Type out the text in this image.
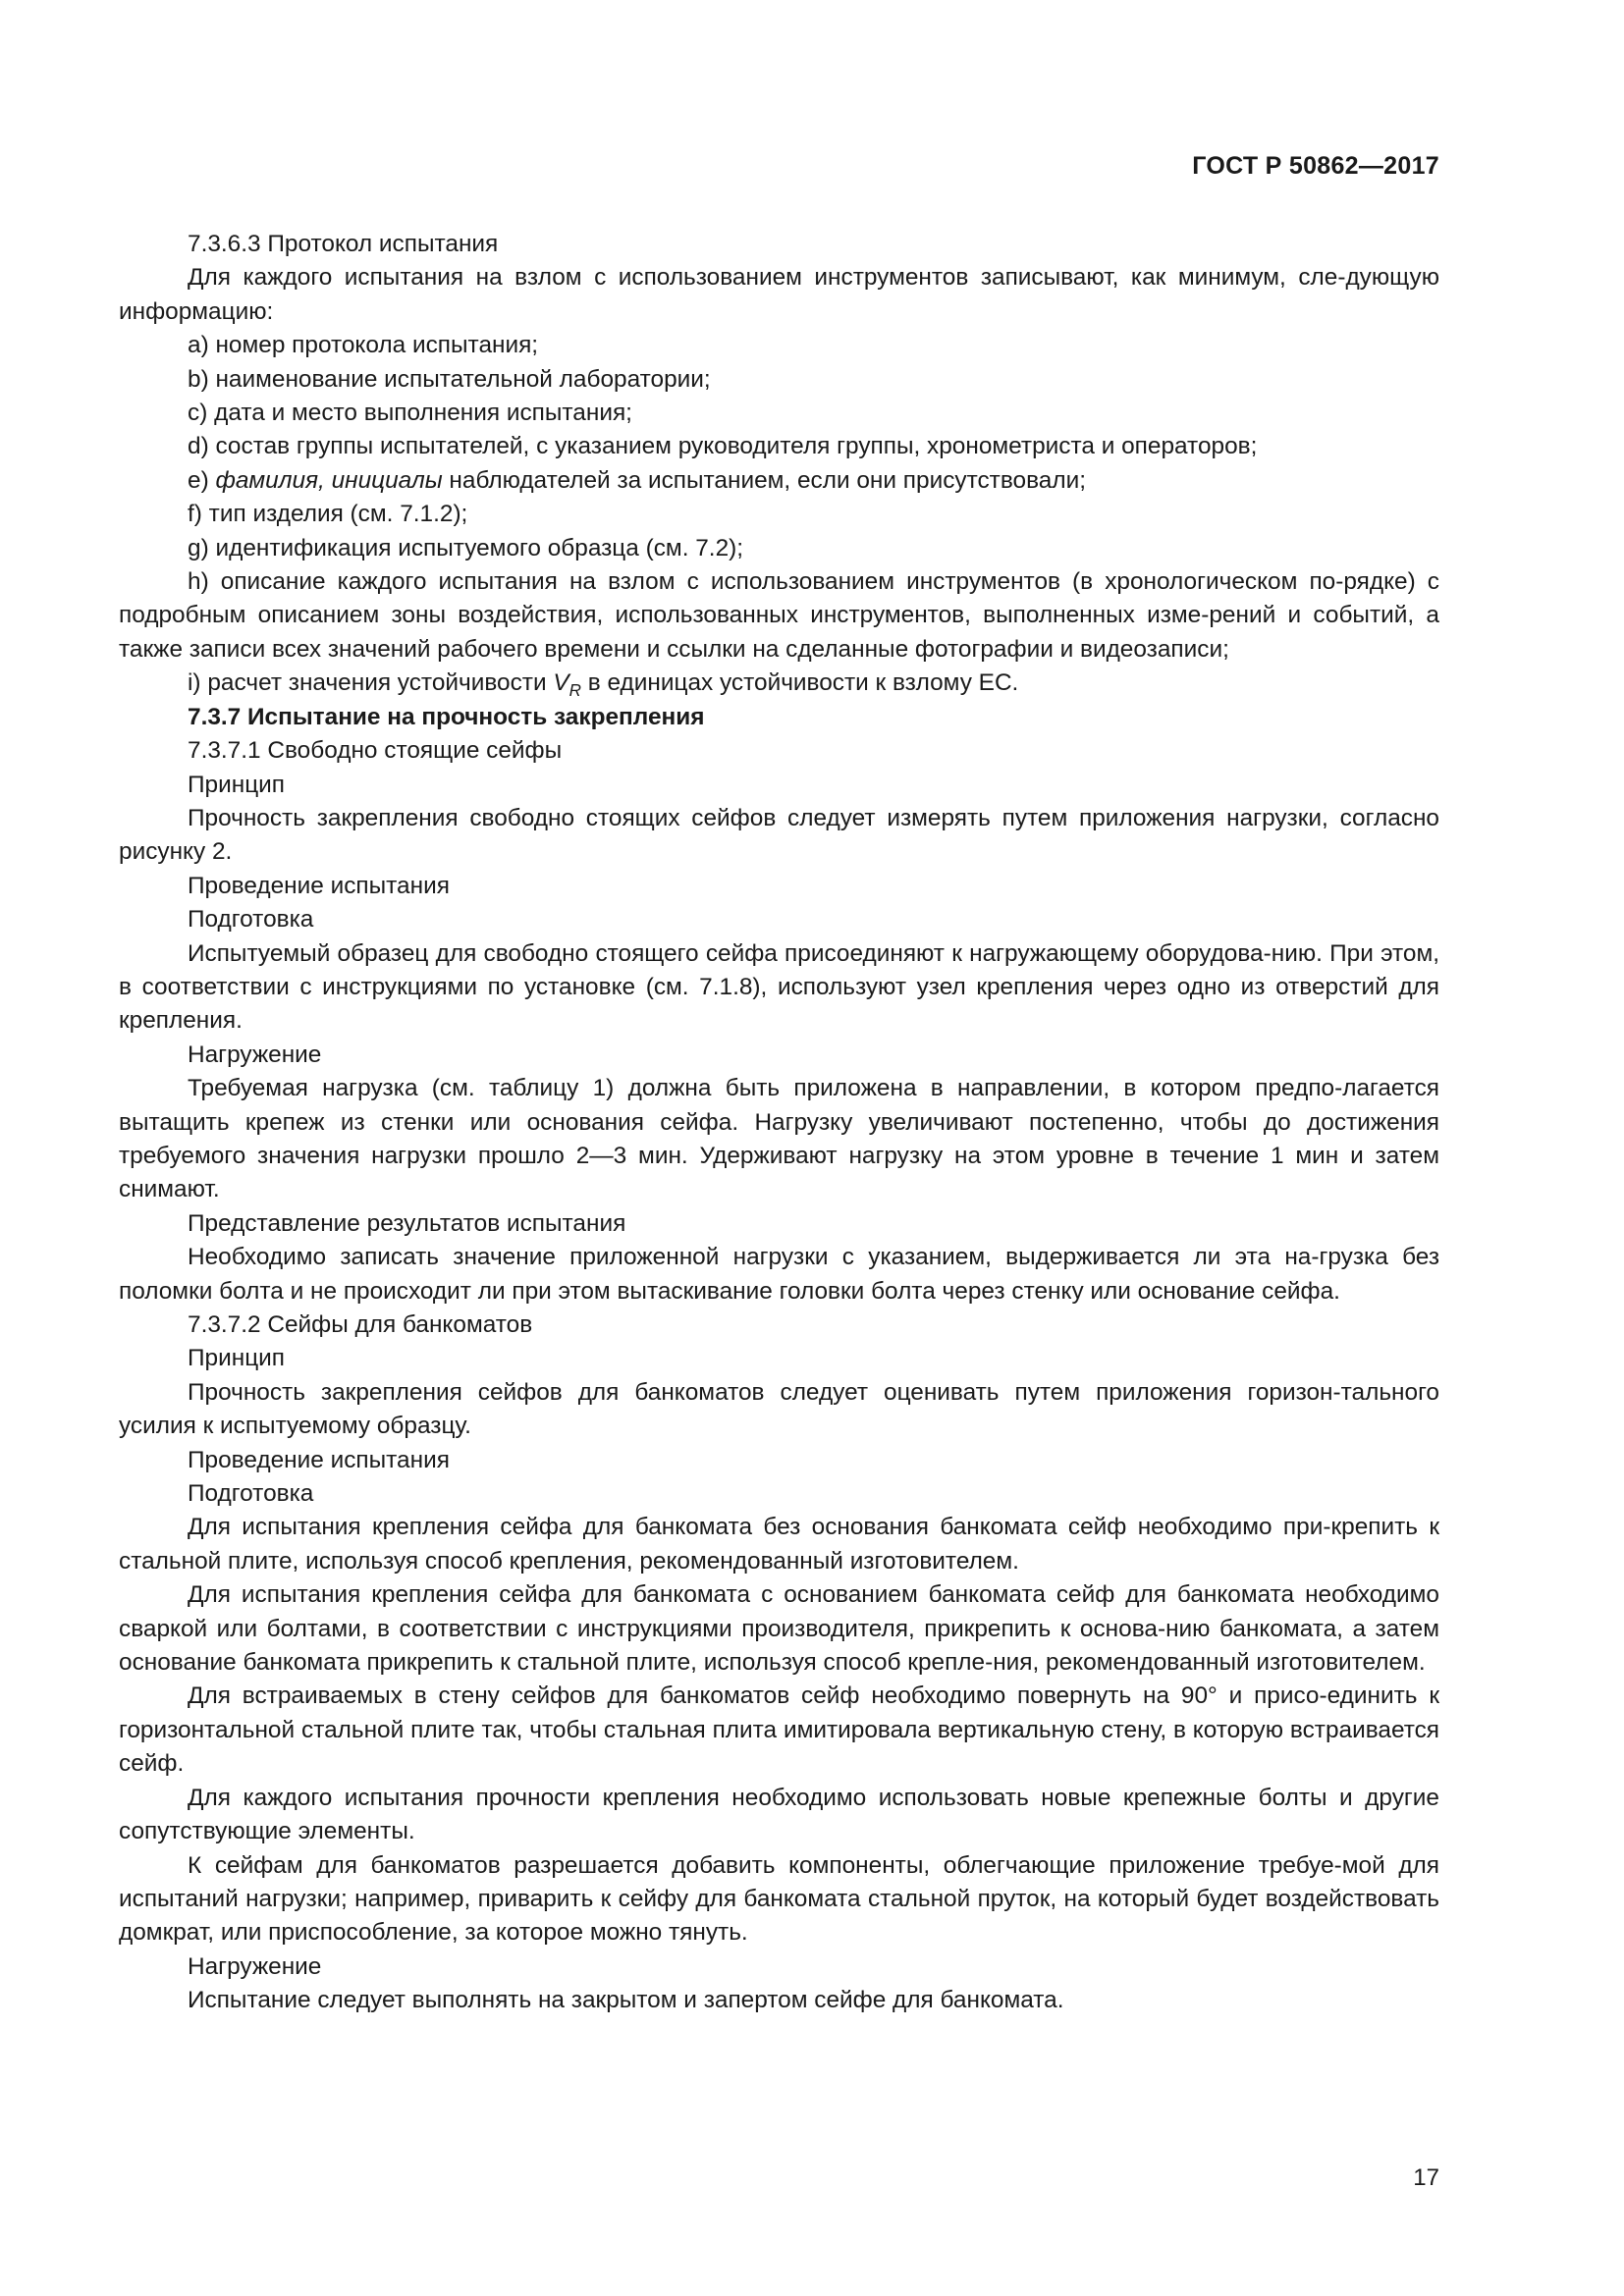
ГОСТ Р 50862—2017

7.3.6.3 Протокол испытания

Для каждого испытания на взлом с использованием инструментов записывают, как минимум, сле-дующую информацию:

a) номер протокола испытания;

b) наименование испытательной лаборатории;

c) дата и место выполнения испытания;

d) состав группы испытателей, с указанием руководителя группы, хронометриста и операторов;

e) фамилия, инициалы наблюдателей за испытанием, если они присутствовали;

f) тип изделия (см. 7.1.2);

g) идентификация испытуемого образца (см. 7.2);

h) описание каждого испытания на взлом с использованием инструментов (в хронологическом по-рядке) с подробным описанием зоны воздействия, использованных инструментов, выполненных изме-рений и событий, а также записи всех значений рабочего времени и ссылки на сделанные фотографии и видеозаписи;

i) расчет значения устойчивости $V_R$ в единицах устойчивости к взлому ЕС.

7.3.7 Испытание на прочность закрепления

7.3.7.1 Свободно стоящие сейфы

Принцип

Прочность закрепления свободно стоящих сейфов следует измерять путем приложения нагрузки, согласно рисунку 2.

Проведение испытания

Подготовка

Испытуемый образец для свободно стоящего сейфа присоединяют к нагружающему оборудова-нию. При этом, в соответствии с инструкциями по установке (см. 7.1.8), используют узел крепления через одно из отверстий для крепления.

Нагружение

Требуемая нагрузка (см. таблицу 1) должна быть приложена в направлении, в котором предпо-лагается вытащить крепеж из стенки или основания сейфа. Нагрузку увеличивают постепенно, чтобы до достижения требуемого значения нагрузки прошло 2—3 мин. Удерживают нагрузку на этом уровне в течение 1 мин и затем снимают.

Представление результатов испытания

Необходимо записать значение приложенной нагрузки с указанием, выдерживается ли эта на-грузка без поломки болта и не происходит ли при этом вытаскивание головки болта через стенку или основание сейфа.

7.3.7.2 Сейфы для банкоматов

Принцип

Прочность закрепления сейфов для банкоматов следует оценивать путем приложения горизон-тального усилия к испытуемому образцу.

Проведение испытания

Подготовка

Для испытания крепления сейфа для банкомата без основания банкомата сейф необходимо при-крепить к стальной плите, используя способ крепления, рекомендованный изготовителем.

Для испытания крепления сейфа для банкомата с основанием банкомата сейф для банкомата необходимо сваркой или болтами, в соответствии с инструкциями производителя, прикрепить к основа-нию банкомата, а затем основание банкомата прикрепить к стальной плите, используя способ крепле-ния, рекомендованный изготовителем.

Для встраиваемых в стену сейфов для банкоматов сейф необходимо повернуть на 90° и присо-единить к горизонтальной стальной плите так, чтобы стальная плита имитировала вертикальную стену, в которую встраивается сейф.

Для каждого испытания прочности крепления необходимо использовать новые крепежные болты и другие сопутствующие элементы.

К сейфам для банкоматов разрешается добавить компоненты, облегчающие приложение требуе-мой для испытаний нагрузки; например, приварить к сейфу для банкомата стальной пруток, на который будет воздействовать домкрат, или приспособление, за которое можно тянуть.

Нагружение

Испытание следует выполнять на закрытом и запертом сейфе для банкомата.

17
